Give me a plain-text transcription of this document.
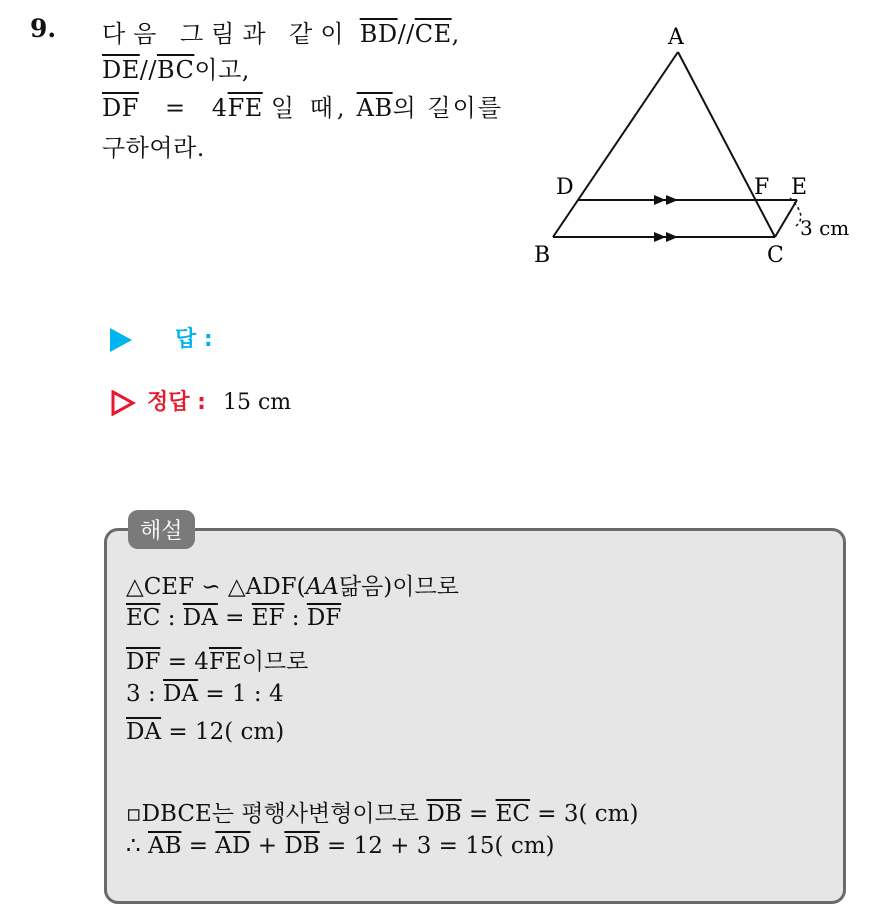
9. 다음 그림과 같이 $\overline{BD}//\overline{CE}$,
$\overline{DE}//\overline{BC}$이고,
$\overline{DF} = 4\overline{FE}$ 일 때, $\overline{AB}$의 길이를
구하여라.
A
D	F E
B	C
3 cm
답 :
정답 : 15 cm
해설
△CEF ∽ △ADF(AA닮음)이므로
$\overline{EC}$ : $\overline{DA} = \overline{EF}$ : $\overline{DF}$
$\overline{DF} = 4\overline{FE}$이므로
3 : $\overline{DA} = 1$ : 4
$\overline{DA} = 12$( cm)
▫DBCE는 평행사변형이므로 $\overline{DB} = \overline{EC} = 3$( cm)
∴ $\overline{AB} = \overline{AD} + \overline{DB} = 12 + 3 = 15$( cm)
